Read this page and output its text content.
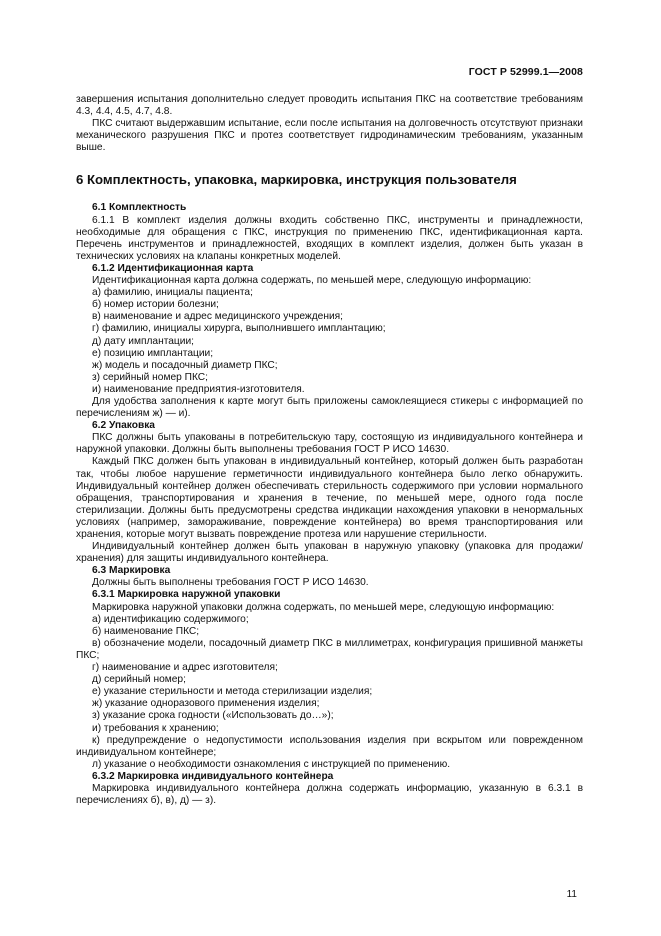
ГОСТ Р 52999.1—2008

завершения испытания дополнительно следует проводить испытания ПКС на соответствие требованиям 4.3, 4.4, 4.5, 4.7, 4.8.

ПКС считают выдержавшим испытание, если после испытания на долговечность отсутствуют признаки механического разрушения ПКС и протез соответствует гидродинамическим требованиям, указанным выше.

6 Комплектность, упаковка, маркировка, инструкция пользователя

6.1 Комплектность

6.1.1 В комплект изделия должны входить собственно ПКС, инструменты и принадлежности, необходимые для обращения с ПКС, инструкция по применению ПКС, идентификационная карта. Перечень инструментов и принадлежностей, входящих в комплект изделия, должен быть указан в технических условиях на клапаны конкретных моделей.

6.1.2 Идентификационная карта

Идентификационная карта должна содержать, по меньшей мере, следующую информацию:

а) фамилию, инициалы пациента;

б) номер истории болезни;

в) наименование и адрес медицинского учреждения;

г) фамилию, инициалы хирурга, выполнившего имплантацию;

д) дату имплантации;

е) позицию имплантации;

ж) модель и посадочный диаметр ПКС;

з) серийный номер ПКС;

и) наименование предприятия-изготовителя.

Для удобства заполнения к карте могут быть приложены самоклеящиеся стикеры с информацией по перечислениям ж) — и).

6.2 Упаковка

ПКС должны быть упакованы в потребительскую тару, состоящую из индивидуального контейнера и наружной упаковки. Должны быть выполнены требования ГОСТ Р ИСО 14630.

Каждый ПКС должен быть упакован в индивидуальный контейнер, который должен быть разработан так, чтобы любое нарушение герметичности индивидуального контейнера было легко обнаружить. Индивидуальный контейнер должен обеспечивать стерильность содержимого при условии нормального обращения, транспортирования и хранения в течение, по меньшей мере, одного года после стерилизации. Должны быть предусмотрены средства индикации нахождения упаковки в ненормальных условиях (например, замораживание, повреждение контейнера) во время транспортирования или хранения, которые могут вызвать повреждение протеза или нарушение стерильности.

Индивидуальный контейнер должен быть упакован в наружную упаковку (упаковка для продажи/хранения) для защиты индивидуального контейнера.

6.3 Маркировка

Должны быть выполнены требования ГОСТ Р ИСО 14630.

6.3.1 Маркировка наружной упаковки

Маркировка наружной упаковки должна содержать, по меньшей мере, следующую информацию:

а) идентификацию содержимого;

б) наименование ПКС;

в) обозначение модели, посадочный диаметр ПКС в миллиметрах, конфигурация пришивной манжеты ПКС;

г) наименование и адрес изготовителя;

д) серийный номер;

е) указание стерильности и метода стерилизации изделия;

ж) указание одноразового применения изделия;

з) указание срока годности («Использовать до…»);

и) требования к хранению;

к) предупреждение о недопустимости использования изделия при вскрытом или поврежденном индивидуальном контейнере;

л) указание о необходимости ознакомления с инструкцией по применению.

6.3.2 Маркировка индивидуального контейнера

Маркировка индивидуального контейнера должна содержать информацию, указанную в 6.3.1 в перечислениях б), в), д) — з).

11
